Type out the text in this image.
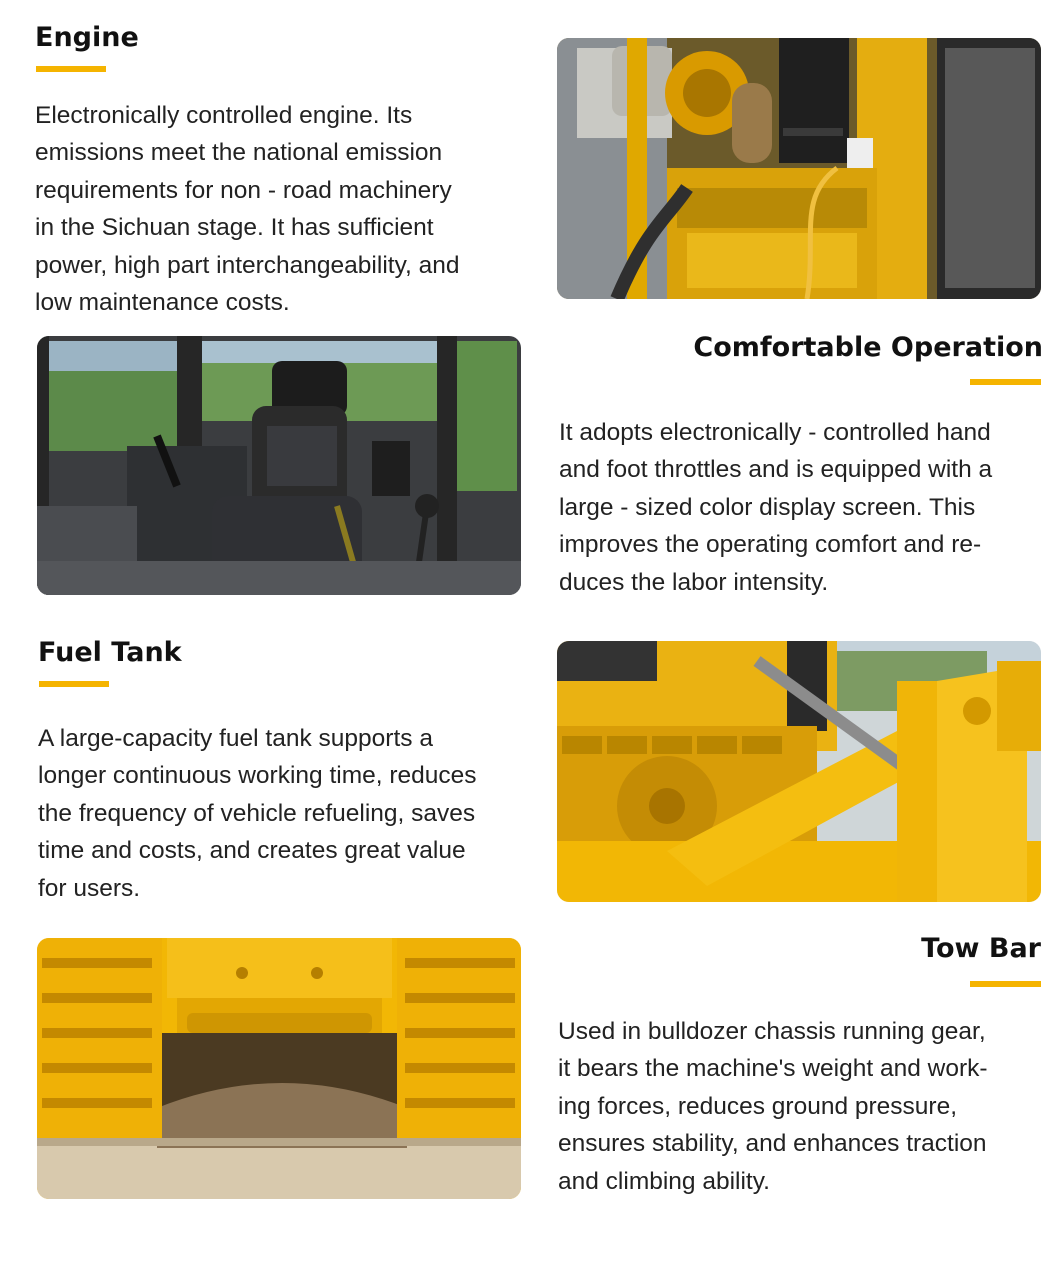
Engine
Electronically controlled engine. Its
emissions meet the national emission
requirements for non - road machinery
in the Sichuan stage. It has sufficient
power, high part interchangeability, and
low maintenance costs.
Comfortable Operation
It adopts electronically - controlled hand
and foot throttles and is equipped with a
large - sized color display screen. This
improves the operating comfort and re-
duces the labor intensity.
Fuel Tank
A large-capacity fuel tank supports a
longer continuous working time, reduces
the frequency of vehicle refueling, saves
time and costs, and creates great value
for users.
Tow Bar
Used in bulldozer chassis running gear,
it bears the machine's weight and work-
ing forces, reduces ground pressure,
ensures stability, and enhances traction
and climbing ability.
